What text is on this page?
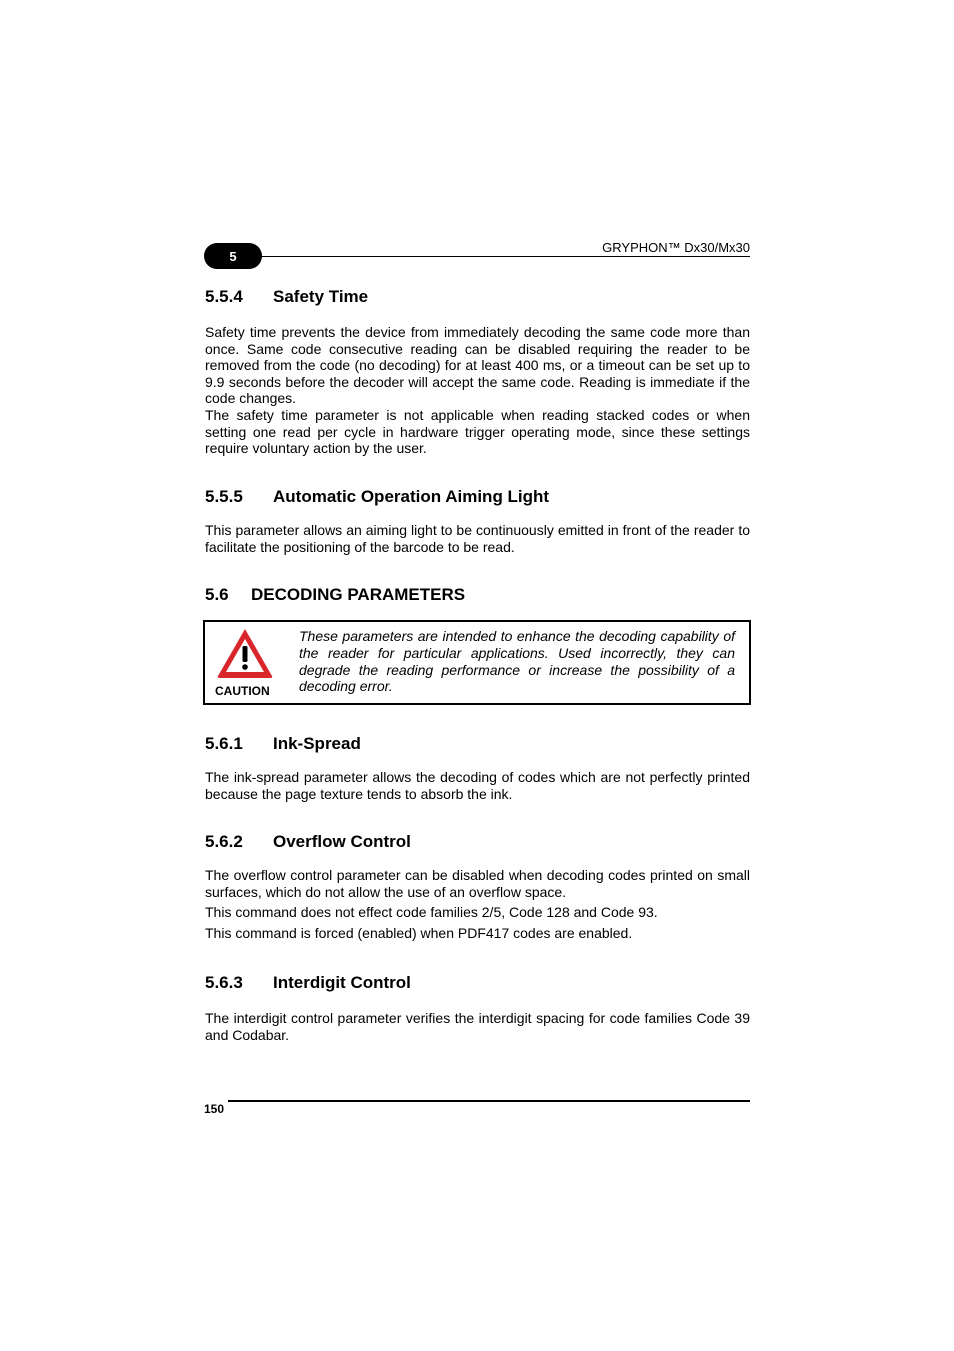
5
GRYPHON™ Dx30/Mx30
5.5.4 Safety Time

Safety time prevents the device from immediately decoding the same code more than once. Same code consecutive reading can be disabled requiring the reader to be removed from the code (no decoding) for at least 400 ms, or a timeout can be set up to 9.9 seconds before the decoder will accept the same code. Reading is immediate if the code changes.

The safety time parameter is not applicable when reading stacked codes or when setting one read per cycle in hardware trigger operating mode, since these settings require voluntary action by the user.

5.5.5 Automatic Operation Aiming Light

This parameter allows an aiming light to be continuously emitted in front of the reader to facilitate the positioning of the barcode to be read.

5.6 DECODING PARAMETERS
CAUTION

These parameters are intended to enhance the decoding capability of the reader for particular applications. Used incorrectly, they can degrade the reading performance or increase the possibility of a decoding error.

5.6.1 Ink-Spread

The ink-spread parameter allows the decoding of codes which are not perfectly printed because the page texture tends to absorb the ink.

5.6.2 Overflow Control

The overflow control parameter can be disabled when decoding codes printed on small surfaces, which do not allow the use of an overflow space.

This command does not effect code families 2/5, Code 128 and Code 93.

This command is forced (enabled) when PDF417 codes are enabled.

5.6.3 Interdigit Control

The interdigit control parameter verifies the interdigit spacing for code families Code 39 and Codabar.

150
